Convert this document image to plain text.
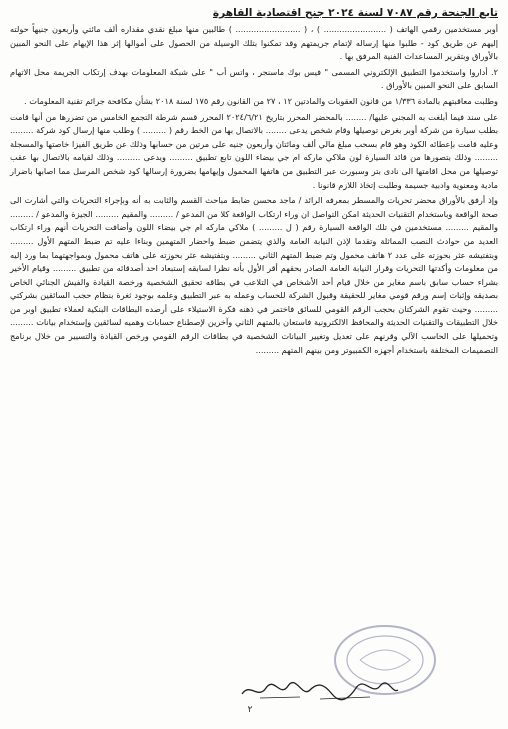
تابع الجنحة رقم ٧٠٨٧ لسنة ٢٠٢٤ جنح اقتصادية القاهرة

أوبر مستخدمين رقمي الهاتف ( ........................ ) ، ( ......................... ) طالبين منها مبلغ نقدي مقداره ألف مائتي وأربعون جنيهاً حولته إليهم عن طريق كود - طلبوا منها إرساله لإتمام جريمتهم وقد تمكنوا بتلك الوسيلة من الحصول على أموالها إثر هذا الإيهام على النحو المبين بالأوراق وبتقرير المساعدات الفنية المرفق بها .

٢. أداروا واستخدموا التطبيق الإلكتروني المسمى " فيس بوك ماسنجر ، واتس أب " على شبكة المعلومات بهدف إرتكاب الجريمة محل الاتهام السابق على النحو المبين بالأوراق .

وطلبت معاقبتهم بالمادة ١/٣٣٦ من قانون العقوبات والمادتين ١٢ ، ٢٧ من القانون رقم ١٧٥ لسنة ٢٠١٨ بشأن مكافحة جرائم تقنية المعلومات .

على سند فيما أبلغت به المجني عليها/ ........ بالمحضر المحرر بتاريخ ٢٠٢٤/٦/٢١ المحرر قسم شرطة التجمع الخامس من تضررها من أنها قامت بطلب سيارة من شركة أوبر بغرض توصيلها وقام شخص يدعى ........ بالاتصال بها من الخط رقم ( ......... ) وطلب منها إرسال كود شركة ......... وعليه قامت بإعطائه الكود وهو قام بسحب مبلغ مالي ألف ومائتان وأربعون جنيه على مرتين من حسابها وذلك عن طريق الفيزا خاصتها والمسجلة ......... وذلك بتصورها من قائد السيارة لون ملاكي ماركه ام جي بيضاء اللون تابع تطبيق ......... ويدعى ......... وذلك لقيامه بالاتصال بها عقب توصيلها من محل اقامتها الى نادى بتر وسبورت عبر التطبيق من هاتفها المحمول وإيهامها بضرورة إرسالها كود شخص المرسل مما اصابها باضرار مادية ومعنوية وادبية جسيمة وطلبت إتخاذ اللازم قانونا .

وإذ أرفق بالأوراق محضر تحريات والمسطر بمعرفه الرائد / ماجد محسن ضابط مباحث القسم والثابت به أنه وبإجراء التحريات والتي أشارت الى صحة الواقعة وباستخدام التقنيات الحديثة امكن التواصل ان وراء ارتكاب الواقعة كلا من المدعو / ......... والمقيم ......... الجيزة والمدعو / ......... والمقيم ......... مستخدمين في تلك الواقعة السيارة رقم ( ل ......... ) ملاكي ماركه ام جي بيضاء اللون وأضافت التحريات أنهم وراء ارتكاب العديد من حوادث النصب المماثلة وتقدما لإذن النيابة العامة والذي يتضمن ضبط واحضار المتهمين وبناءا عليه تم ضبط المتهم الأول ......... وبتفتيشه عثر بحوزته على عدد ٢ هاتف محمول وتم ضبط المتهم الثاني ......... وبتفتيشه عثر بحوزته على هاتف محمول وبمواجهتهما بما ورد إليه من معلومات وأكدتها التحريات وقرار النيابة العامة الصادر بحقهم أقر الأول بأنه نظرا لسابقه إستبعاد احد أصدقائه من تطبيق ......... وقيام الأخير بشراء حساب سابق باسم مغاير من خلال قيام أحد الأشخاص في التلاعب في بطاقه تحقيق الشخصية ورخصة القيادة والفيش الجنائي الخاص بصديقه وإثبات إسم ورقم قومي مغاير للحقيقة وقبول الشركة للحساب وعمله به عبر التطبيق وعلمه بوجود ثغرة بنظام حجب السائقين بشركتي ......... وحيث تقوم الشركتان بحجب الرقم القومي للسائق فاختمر في ذهنه فكرة الاستيلاء على أرصده البطاقات البنكية لعملاء تطبيق اوبر من خلال التطبيقات والتقنيات الحديثة والمحافظ الالكترونية فاستعان بالمتهم الثاني وآخرين لإصطناع حسابات وهميه لسائقين وإستخدام بيانات ......... وتحميلها على الحاسب الآلي وقرنهم على تعديل وتغيير البيانات الشخصية في بطاقات الرقم القومي ورخص القيادة والتسيير من خلال برنامج التصميمات المختلفة باستخدام أجهزه الكمبيوتر ومن بينهم المتهم .........

٢
